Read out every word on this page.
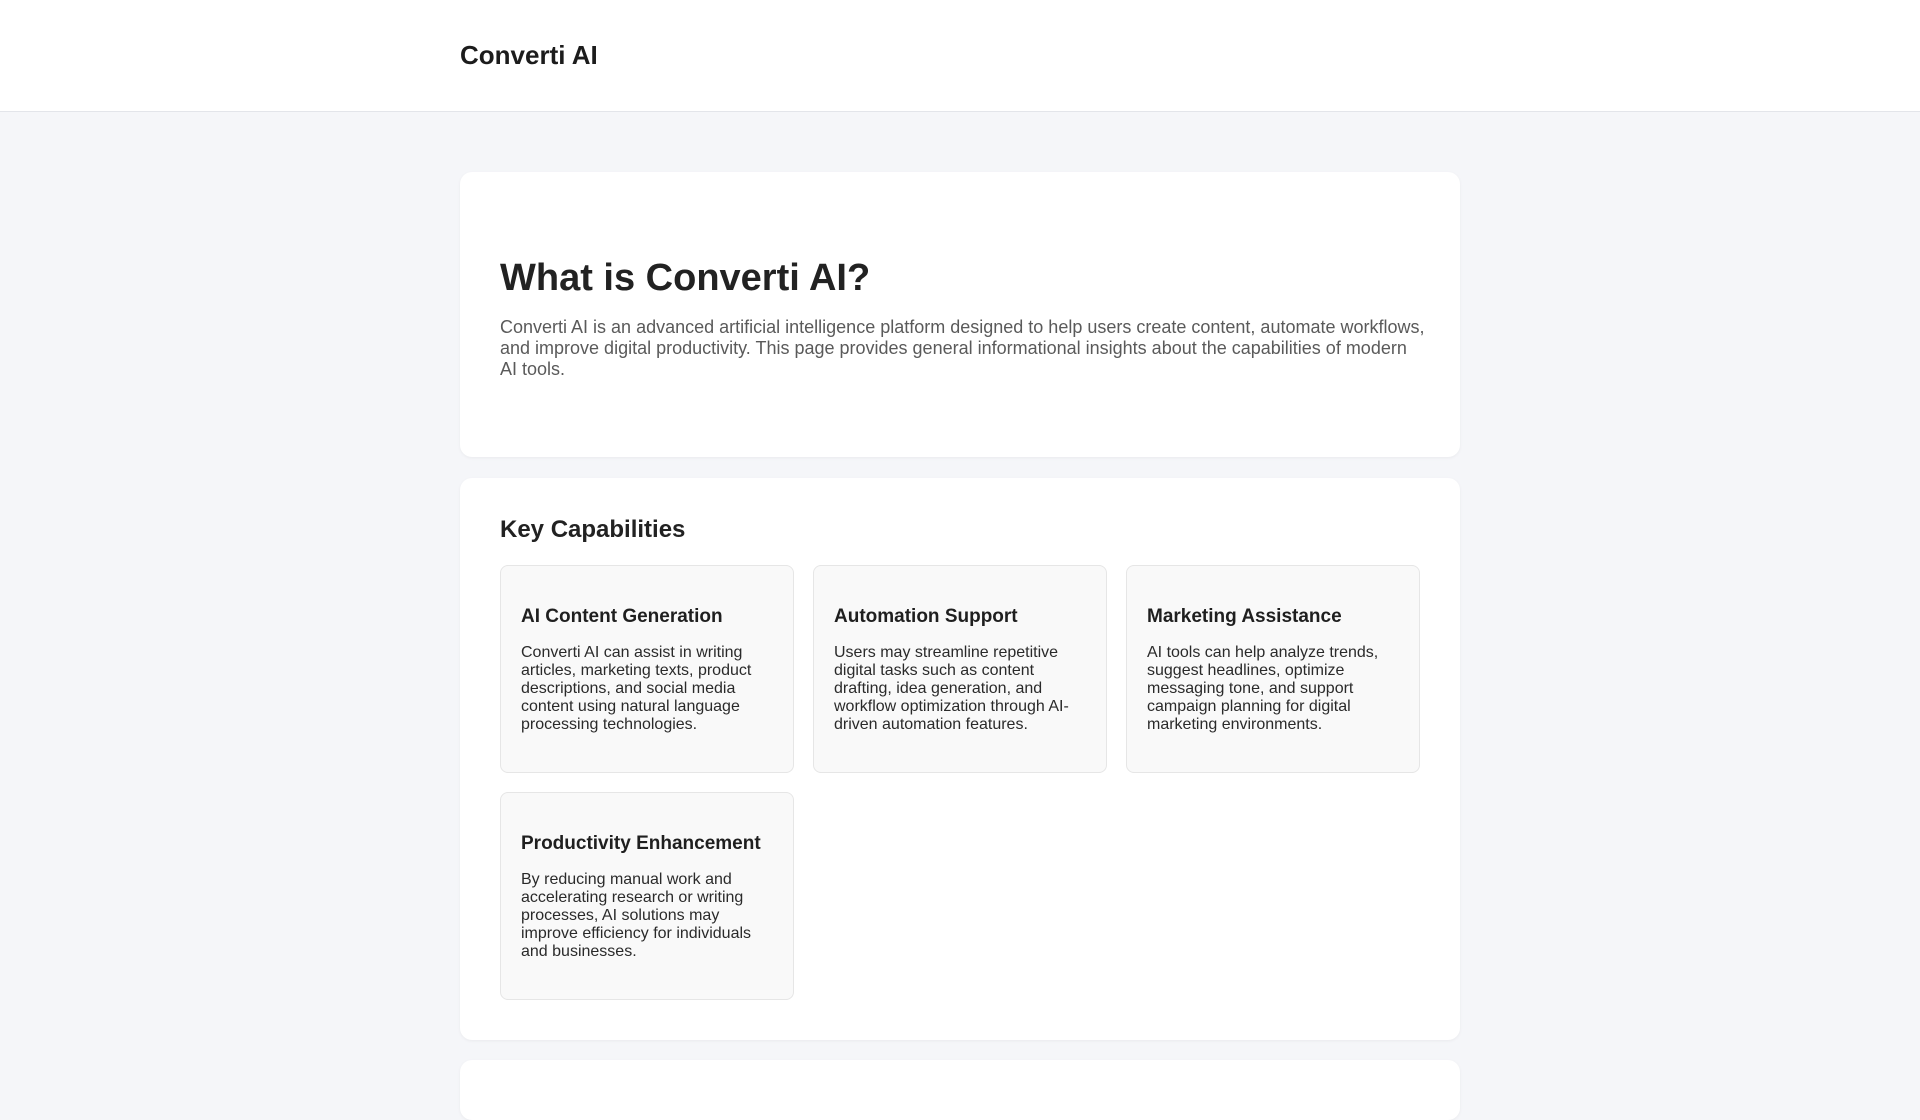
Converti AI
What is Converti AI?

Converti AI is an advanced artificial intelligence platform designed to help users create content, automate workflows, and improve digital productivity. This page provides general informational insights about the capabilities of modern AI tools.

Key Capabilities
AI Content Generation

Converti AI can assist in writing articles, marketing texts, product descriptions, and social media content using natural language processing technologies.

Automation Support

Users may streamline repetitive digital tasks such as content drafting, idea generation, and workflow optimization through AI-driven automation features.

Marketing Assistance

AI tools can help analyze trends, suggest headlines, optimize messaging tone, and support campaign planning for digital marketing environments.

Productivity Enhancement

By reducing manual work and accelerating research or writing processes, AI solutions may improve efficiency for individuals and businesses.
